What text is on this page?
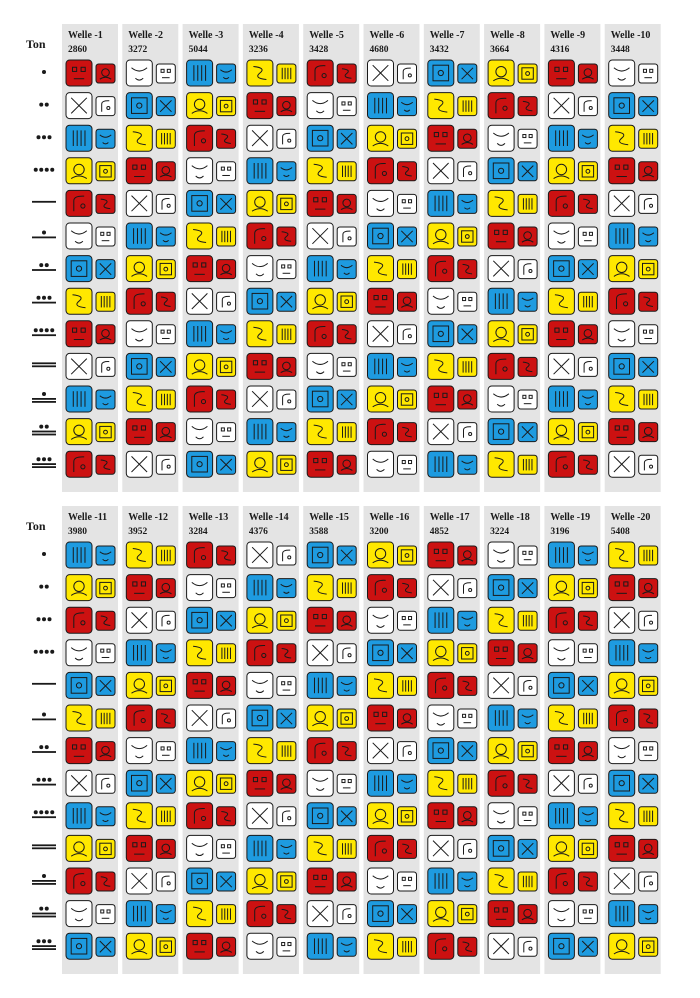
Ton
Welle -1
2860
Welle -2
3272
Welle -3
5044
Welle -4
3236
Welle -5
3428
Welle -6
4680
Welle -7
3432
Welle -8
3664
Welle -9
4316
Welle -10
3448
Ton
Welle -11
3980
Welle -12
3952
Welle -13
3284
Welle -14
4376
Welle -15
3588
Welle -16
3200
Welle -17
4852
Welle -18
3224
Welle -19
3196
Welle -20
5408
